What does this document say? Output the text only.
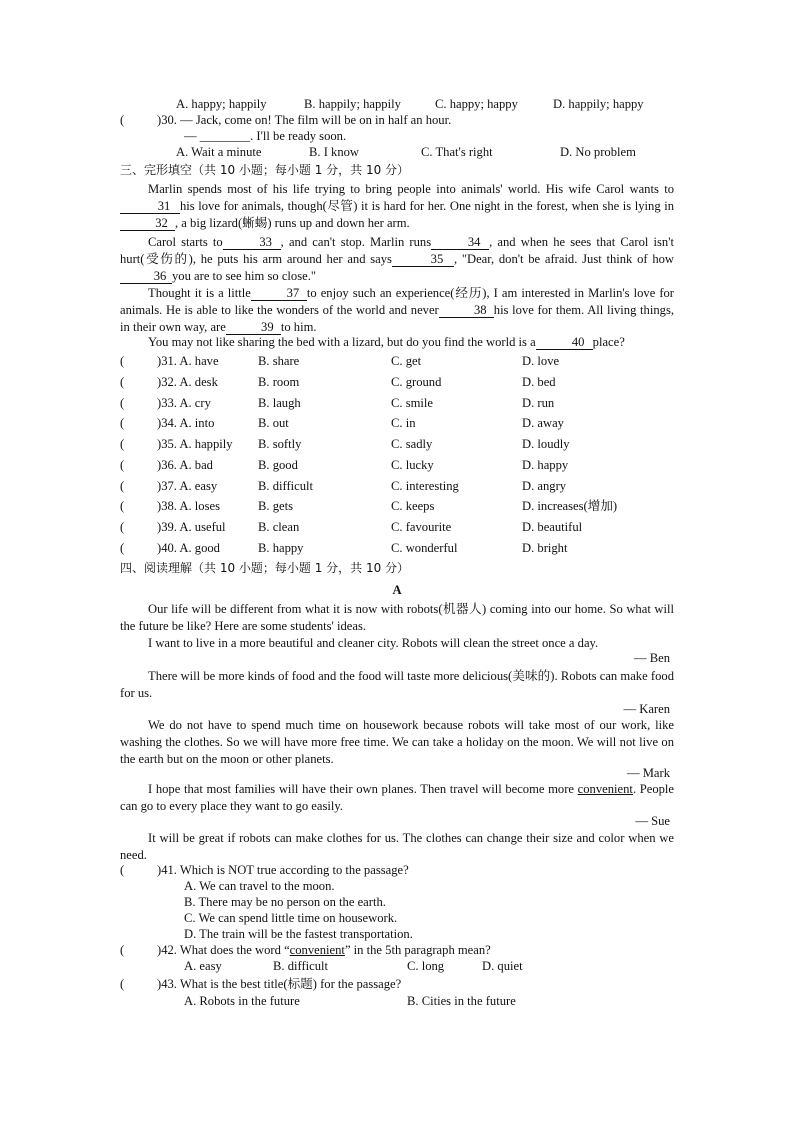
A. happy; happily	B. happily; happily	C. happy; happy	D. happily; happy
(	)30. — Jack, come on! The film will be on in half an hour.
— ________. I'll be ready soon.
A. Wait a minute	B. I know	C. That's right	D. No problem
三、完形填空（共 10 小题；每小题 1 分，共 10 分）
Marlin spends most of his life trying to bring people into animals' world. His wife Carol wants to31 his love for animals, though(尽管) it is hard for her. One night in the forest, when she is lying in32 , a big lizard(蜥蜴) runs up and down her arm.
Carol starts to	33 , and can't stop. Marlin runs	34 , and when he sees that Carol isn't hurt(受伤的), he puts his arm around her and says	35 , "Dear, don't be afraid. Just think of how36 you are to see him so close."
Thought it is a little	37 to enjoy such an experience(经历), I am interested in Marlin's love for animals. He is able to like the wonders of the world and never	38 his love for them. All living things, in their own way, are	39 to him.
You may not like sharing the bed with a lizard, but do you find the world is a	40 place?
(	)31. A. have	B. share	C. get	D. love
(	)32. A. desk	B. room	C. ground	D. bed
(	)33. A. cry	B. laugh	C. smile	D. run
(	)34. A. into	B. out	C. in	D. away
(	)35. A. happily B. softly	C. sadly	D. loudly
(	)36. A. bad	B. good	C. lucky	D. happy
(	)37. A. easy	B. difficult	C. interesting	D. angry
(	)38. A. loses	B. gets	C. keeps	D. increases(增加)
(	)39. A. useful	B. clean	C. favourite	D. beautiful
(	)40. A. good	B. happy	C. wonderful	D. bright
四、阅读理解（共 10 小题；每小题 1 分，共 10 分）
A
Our life will be different from what it is now with robots(机器人) coming into our home. So what will the future be like? Here are some students' ideas.
I want to live in a more beautiful and cleaner city. Robots will clean the street once a day.
— Ben
There will be more kinds of food and the food will taste more delicious(美味的). Robots can make food for us.
— Karen
We do not have to spend much time on housework because robots will take most of our work, like washing the clothes. So we will have more free time. We can take a holiday on the moon. We will not live on the earth but on the moon or other planets.
— Mark
I hope that most families will have their own planes. Then travel will become more convenient. People can go to every place they want to go easily.
— Sue
It will be great if robots can make clothes for us. The clothes can change their size and color when we need.
(	)41. Which is NOT true according to the passage?
A. We can travel to the moon.
B. There may be no person on the earth.
C. We can spend little time on housework.
D. The train will be the fastest transportation.
(	)42. What does the word “convenient” in the 5th paragraph mean?
A. easy	B. difficult	C. long	D. quiet
(	)43. What is the best title(标题) for the passage?
A. Robots in the future	B. Cities in the future
